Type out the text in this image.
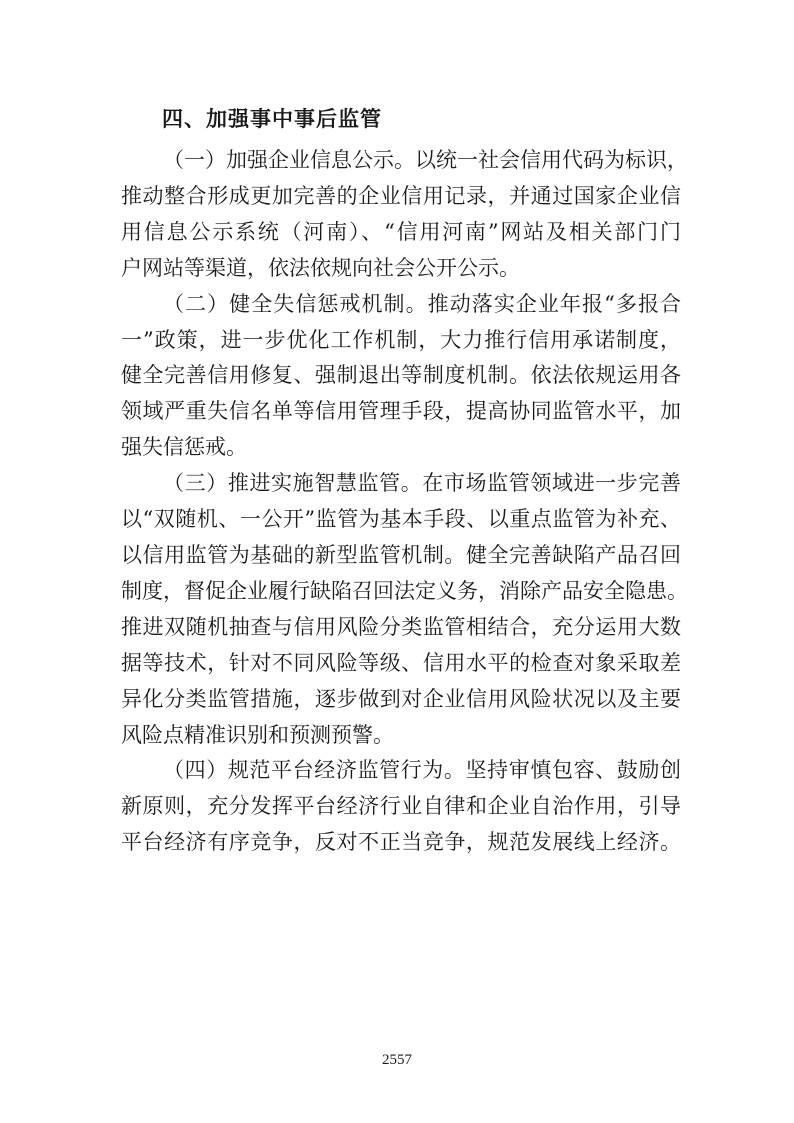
四、加强事中事后监管

（一）加强企业信息公示。以统一社会信用代码为标识，
推动整合形成更加完善的企业信用记录，并通过国家企业信
用信息公示系统（河南）、“信用河南”网站及相关部门门
户网站等渠道，依法依规向社会公开公示。

（二）健全失信惩戒机制。推动落实企业年报“多报合
一”政策，进一步优化工作机制，大力推行信用承诺制度，
健全完善信用修复、强制退出等制度机制。依法依规运用各
领域严重失信名单等信用管理手段，提高协同监管水平，加
强失信惩戒。

（三）推进实施智慧监管。在市场监管领域进一步完善
以“双随机、一公开”监管为基本手段、以重点监管为补充、
以信用监管为基础的新型监管机制。健全完善缺陷产品召回
制度，督促企业履行缺陷召回法定义务，消除产品安全隐患。
推进双随机抽查与信用风险分类监管相结合，充分运用大数
据等技术，针对不同风险等级、信用水平的检查对象采取差
异化分类监管措施，逐步做到对企业信用风险状况以及主要
风险点精准识别和预测预警。

（四）规范平台经济监管行为。坚持审慎包容、鼓励创
新原则，充分发挥平台经济行业自律和企业自治作用，引导
平台经济有序竞争，反对不正当竞争，规范发展线上经济。

2557
